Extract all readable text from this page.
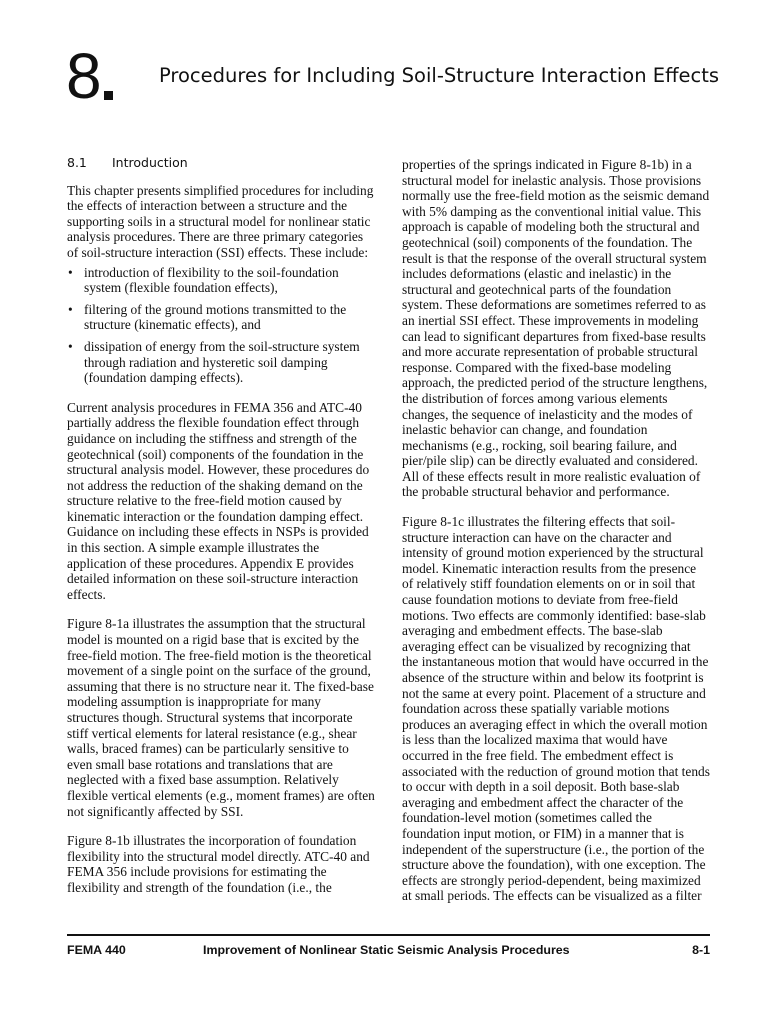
8	Procedures for Including Soil-Structure Interaction Effects
8.1	Introduction

This chapter presents simplified procedures for including the effects of interaction between a structure and the supporting soils in a structural model for nonlinear static analysis procedures. There are three primary categories of soil-structure interaction (SSI) effects. These include:

• introduction of flexibility to the soil-foundation system (flexible foundation effects),
• filtering of the ground motions transmitted to the structure (kinematic effects), and
• dissipation of energy from the soil-structure system through radiation and hysteretic soil damping (foundation damping effects).

Current analysis procedures in FEMA 356 and ATC-40 partially address the flexible foundation effect through guidance on including the stiffness and strength of the geotechnical (soil) components of the foundation in the structural analysis model. However, these procedures do not address the reduction of the shaking demand on the structure relative to the free-field motion caused by kinematic interaction or the foundation damping effect. Guidance on including these effects in NSPs is provided in this section. A simple example illustrates the application of these procedures. Appendix E provides detailed information on these soil-structure interaction effects.

Figure 8-1a illustrates the assumption that the structural model is mounted on a rigid base that is excited by the free-field motion. The free-field motion is the theoretical movement of a single point on the surface of the ground, assuming that there is no structure near it. The fixed-base modeling assumption is inappropriate for many structures though. Structural systems that incorporate stiff vertical elements for lateral resistance (e.g., shear walls, braced frames) can be particularly sensitive to even small base rotations and translations that are neglected with a fixed base assumption. Relatively flexible vertical elements (e.g., moment frames) are often not significantly affected by SSI.

Figure 8-1b illustrates the incorporation of foundation flexibility into the structural model directly. ATC-40 and FEMA 356 include provisions for estimating the flexibility and strength of the foundation (i.e., the

properties of the springs indicated in Figure 8-1b) in a structural model for inelastic analysis. Those provisions normally use the free-field motion as the seismic demand with 5% damping as the conventional initial value. This approach is capable of modeling both the structural and geotechnical (soil) components of the foundation. The result is that the response of the overall structural system includes deformations (elastic and inelastic) in the structural and geotechnical parts of the foundation system. These deformations are sometimes referred to as an inertial SSI effect. These improvements in modeling can lead to significant departures from fixed-base results and more accurate representation of probable structural response. Compared with the fixed-base modeling approach, the predicted period of the structure lengthens, the distribution of forces among various elements changes, the sequence of inelasticity and the modes of inelastic behavior can change, and foundation mechanisms (e.g., rocking, soil bearing failure, and pier/pile slip) can be directly evaluated and considered. All of these effects result in more realistic evaluation of the probable structural behavior and performance.

Figure 8-1c illustrates the filtering effects that soil-structure interaction can have on the character and intensity of ground motion experienced by the structural model. Kinematic interaction results from the presence of relatively stiff foundation elements on or in soil that cause foundation motions to deviate from free-field motions. Two effects are commonly identified: base-slab averaging and embedment effects. The base-slab averaging effect can be visualized by recognizing that the instantaneous motion that would have occurred in the absence of the structure within and below its footprint is not the same at every point. Placement of a structure and foundation across these spatially variable motions produces an averaging effect in which the overall motion is less than the localized maxima that would have occurred in the free field. The embedment effect is associated with the reduction of ground motion that tends to occur with depth in a soil deposit. Both base-slab averaging and embedment affect the character of the foundation-level motion (sometimes called the foundation input motion, or FIM) in a manner that is independent of the superstructure (i.e., the portion of the structure above the foundation), with one exception. The effects are strongly period-dependent, being maximized at small periods. The effects can be visualized as a filter

FEMA 440	Improvement of Nonlinear Static Seismic Analysis Procedures	8-1
